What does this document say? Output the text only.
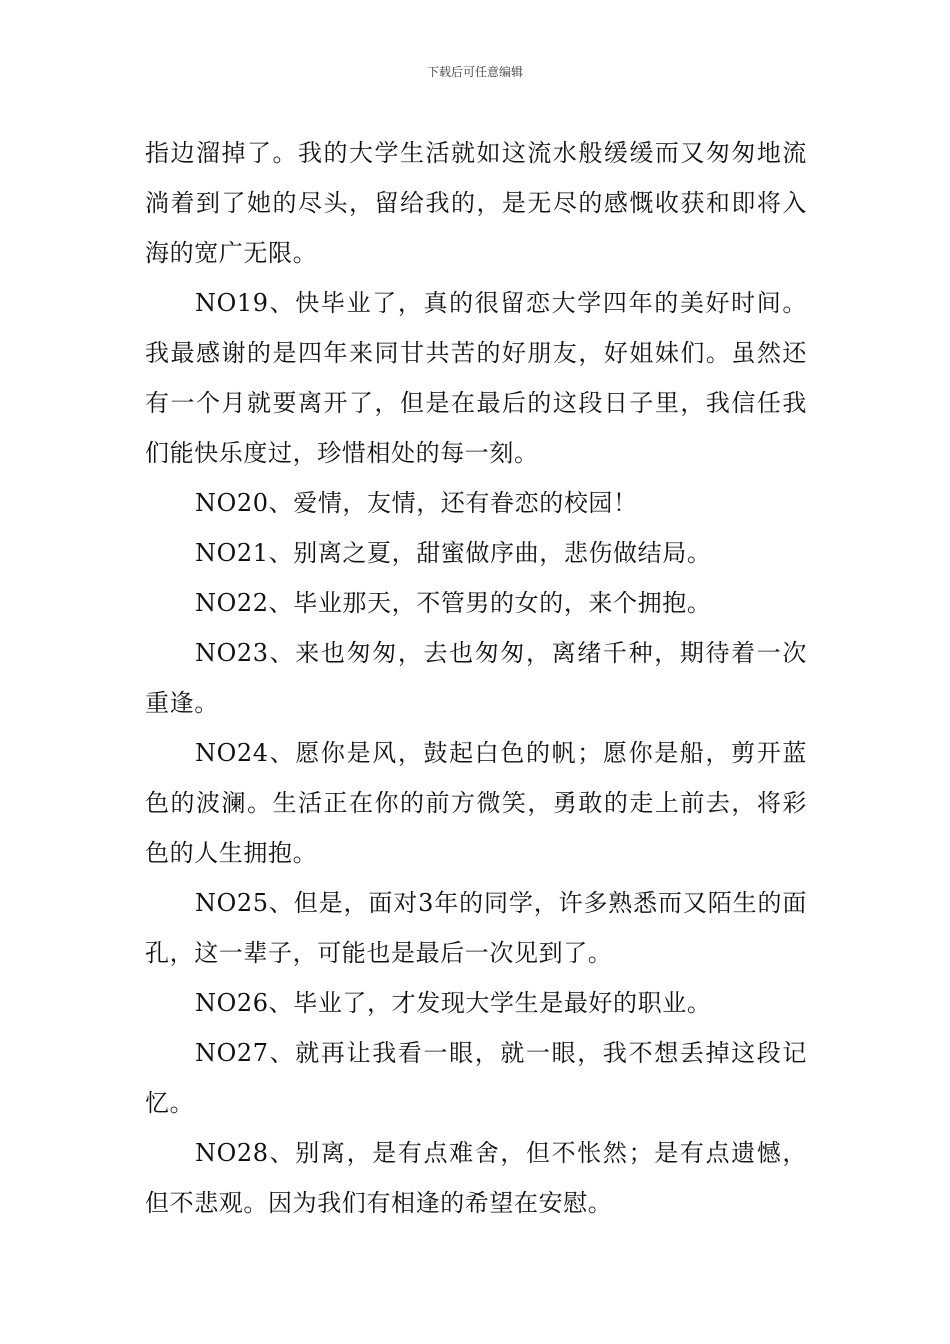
下载后可任意编辑

指边溜掉了。我的大学生活就如这流水般缓缓而又匆匆地流淌着到了她的尽头，留给我的，是无尽的感慨收获和即将入海的宽广无限。

NO19、快毕业了，真的很留恋大学四年的美好时间。我最感谢的是四年来同甘共苦的好朋友，好姐妹们。虽然还有一个月就要离开了，但是在最后的这段日子里，我信任我们能快乐度过，珍惜相处的每一刻。

NO20、爱情，友情，还有眷恋的校园！

NO21、别离之夏，甜蜜做序曲，悲伤做结局。

NO22、毕业那天，不管男的女的，来个拥抱。

NO23、来也匆匆，去也匆匆，离绪千种，期待着一次重逢。

NO24、愿你是风，鼓起白色的帆；愿你是船，剪开蓝色的波澜。生活正在你的前方微笑，勇敢的走上前去，将彩色的人生拥抱。

NO25、但是，面对3年的同学，许多熟悉而又陌生的面孔，这一辈子，可能也是最后一次见到了。

NO26、毕业了，才发现大学生是最好的职业。

NO27、就再让我看一眼，就一眼，我不想丢掉这段记忆。

NO28、别离，是有点难舍，但不怅然；是有点遗憾，但不悲观。因为我们有相逢的希望在安慰。
